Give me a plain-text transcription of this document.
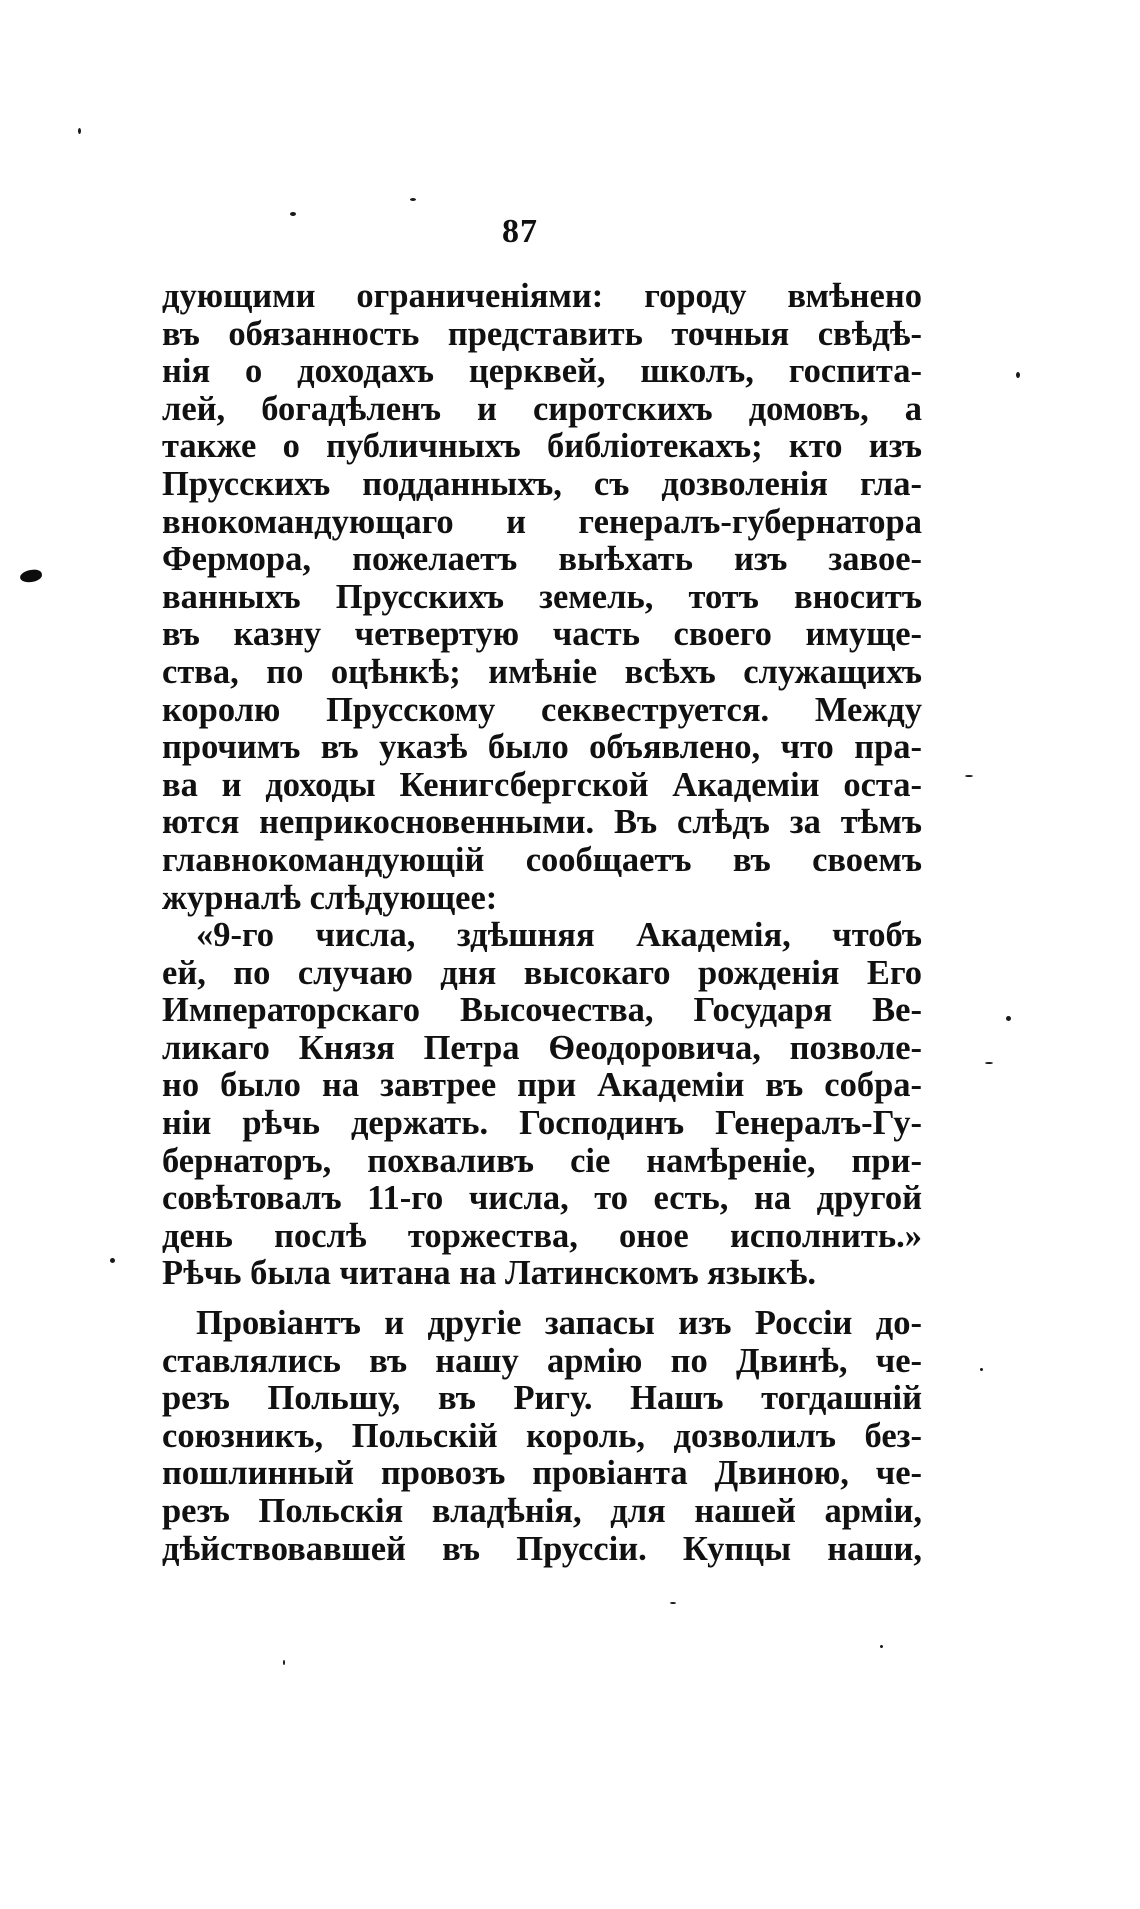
87
дующими ограниченіями: городу вмѣнено
въ обязанность представить точныя свѣдѣ-
нія о доходахъ церквей, школъ, госпита-
лей, богадѣленъ и сиротскихъ домовъ, а
также о публичныхъ библіотекахъ; кто изъ
Прусскихъ подданныхъ, съ дозволенія гла-
внокомандующаго и генералъ-губернатора
Фермора, пожелаетъ выѣхать изъ завое-
ванныхъ Прусскихъ земель, тотъ вноситъ
въ казну четвертую часть своего имуще-
ства, по оцѣнкѣ; имѣніе всѣхъ служащихъ
королю Прусскому секвеструется. Между
прочимъ въ указѣ было объявлено, что пра-
ва и доходы Кенигсбергской Академіи оста-
ются неприкосновенными. Въ слѣдъ за тѣмъ
главнокомандующій сообщаетъ въ своемъ
журналѣ слѣдующее:
«9-го числа, здѣшняя Академія, чтобъ
ей, по случаю дня высокаго рожденія Его
Императорскаго Высочества, Государя Ве-
ликаго Князя Петра Ѳеодоровича, позволе-
но было на завтрее при Академіи въ собра-
ніи рѣчь держать. Господинъ Генералъ-Гу-
бернаторъ, похваливъ сіе намѣреніе, при-
совѣтовалъ 11-го числа, то есть, на другой
день послѣ торжества, оное исполнить.»
Рѣчь была читана на Латинскомъ языкѣ.
Провіантъ и другіе запасы изъ Россіи до-
ставлялись въ нашу армію по Двинѣ, че-
резъ Польшу, въ Ригу. Нашъ тогдашній
союзникъ, Польскій король, дозволилъ без-
пошлинный провозъ провіанта Двиною, че-
резъ Польскія владѣнія, для нашей арміи,
дѣйствовавшей въ Пруссіи. Купцы наши,
